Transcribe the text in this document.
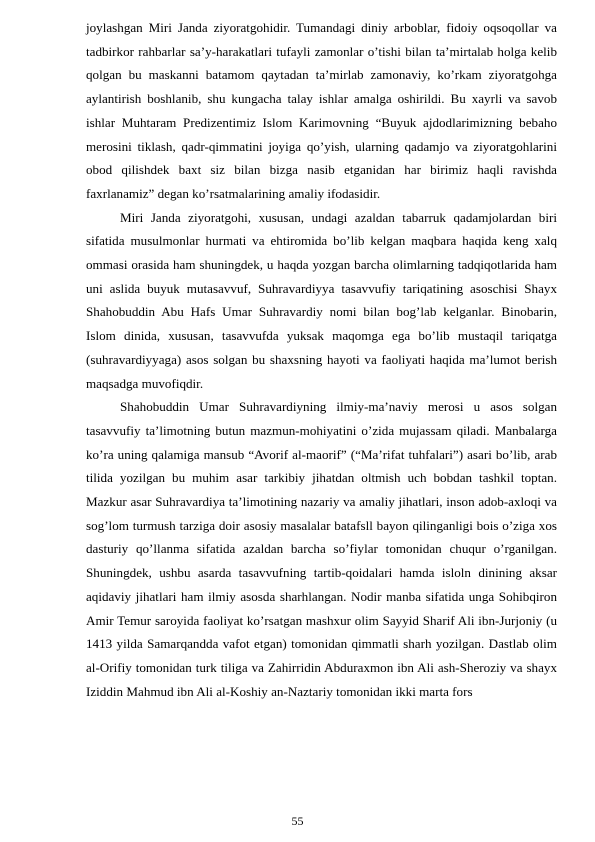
joylashgan Miri Janda ziyoratgohidir. Tumandagi diniy arboblar, fidoiy oqsoqollar va tadbirkor rahbarlar sa’y-harakatlari tufayli zamonlar o’tishi bilan ta’mirtalab holga kelib qolgan bu maskanni batamom qaytadan ta’mirlab zamonaviy, ko’rkam ziyoratgohga aylantirish boshlanib, shu kungacha talay ishlar amalga oshirildi. Bu xayrli va savob ishlar Muhtaram Predizentimiz Islom Karimovning “Buyuk ajdodlarimizning bebaho merosini tiklash, qadr-qimmatini joyiga qo’yish, ularning qadamjo va ziyoratgohlarini obod qilishdek baxt siz bilan bizga nasib etganidan har birimiz haqli ravishda faxrlanamiz” degan ko’rsatmalarining amaliy ifodasidir.

Miri Janda ziyoratgohi, xususan, undagi azaldan tabarruk qadamjolardan biri sifatida musulmonlar hurmati va ehtiromida bo’lib kelgan maqbara haqida keng xalq ommasi orasida ham shuningdek, u haqda yozgan barcha olimlarning tadqiqotlarida ham uni aslida buyuk mutasavvuf, Suhravardiyya tasavvufiy tariqatining asoschisi Shayx Shahobuddin Abu Hafs Umar Suhravardiy nomi bilan bog’lab kelganlar. Binobarin, Islom dinida, xususan, tasavvufda yuksak maqomga ega bo’lib mustaqil tariqatga (suhravardiyyaga) asos solgan bu shaxsning hayoti va faoliyati haqida ma’lumot berish maqsadga muvofiqdir.

Shahobuddin Umar Suhravardiyning ilmiy-ma’naviy merosi u asos solgan tasavvufiy ta’limotning butun mazmun-mohiyatini o’zida mujassam qiladi. Manbalarga ko’ra uning qalamiga mansub “Avorif al-maorif” (“Ma’rifat tuhfalari”) asari bo’lib, arab tilida yozilgan bu muhim asar tarkibiy jihatdan oltmish uch bobdan tashkil toptan. Mazkur asar Suhravardiya ta’limotining nazariy va amaliy jihatlari, inson adob-axloqi va sog’lom turmush tarziga doir asosiy masalalar batafsll bayon qilinganligi bois o’ziga xos dasturiy qo’llanma sifatida azaldan barcha so’fiylar tomonidan chuqur o’rganilgan. Shuningdek, ushbu asarda tasavvufning tartib-qoidalari hamda isloln dinining aksar aqidaviy jihatlari ham ilmiy asosda sharhlangan. Nodir manba sifatida unga Sohibqiron Amir Temur saroyida faoliyat ko’rsatgan mashxur olim Sayyid Sharif Ali ibn-Jurjoniy (u 1413 yilda Samarqandda vafot etgan) tomonidan qimmatli sharh yozilgan. Dastlab olim al-Orifiy tomonidan turk tiliga va Zahirridin Abduraxmon ibn Ali ash-Sheroziy va shayx Iziddin Mahmud ibn Ali al-Koshiy an-Naztariy tomonidan ikki marta fors

55
